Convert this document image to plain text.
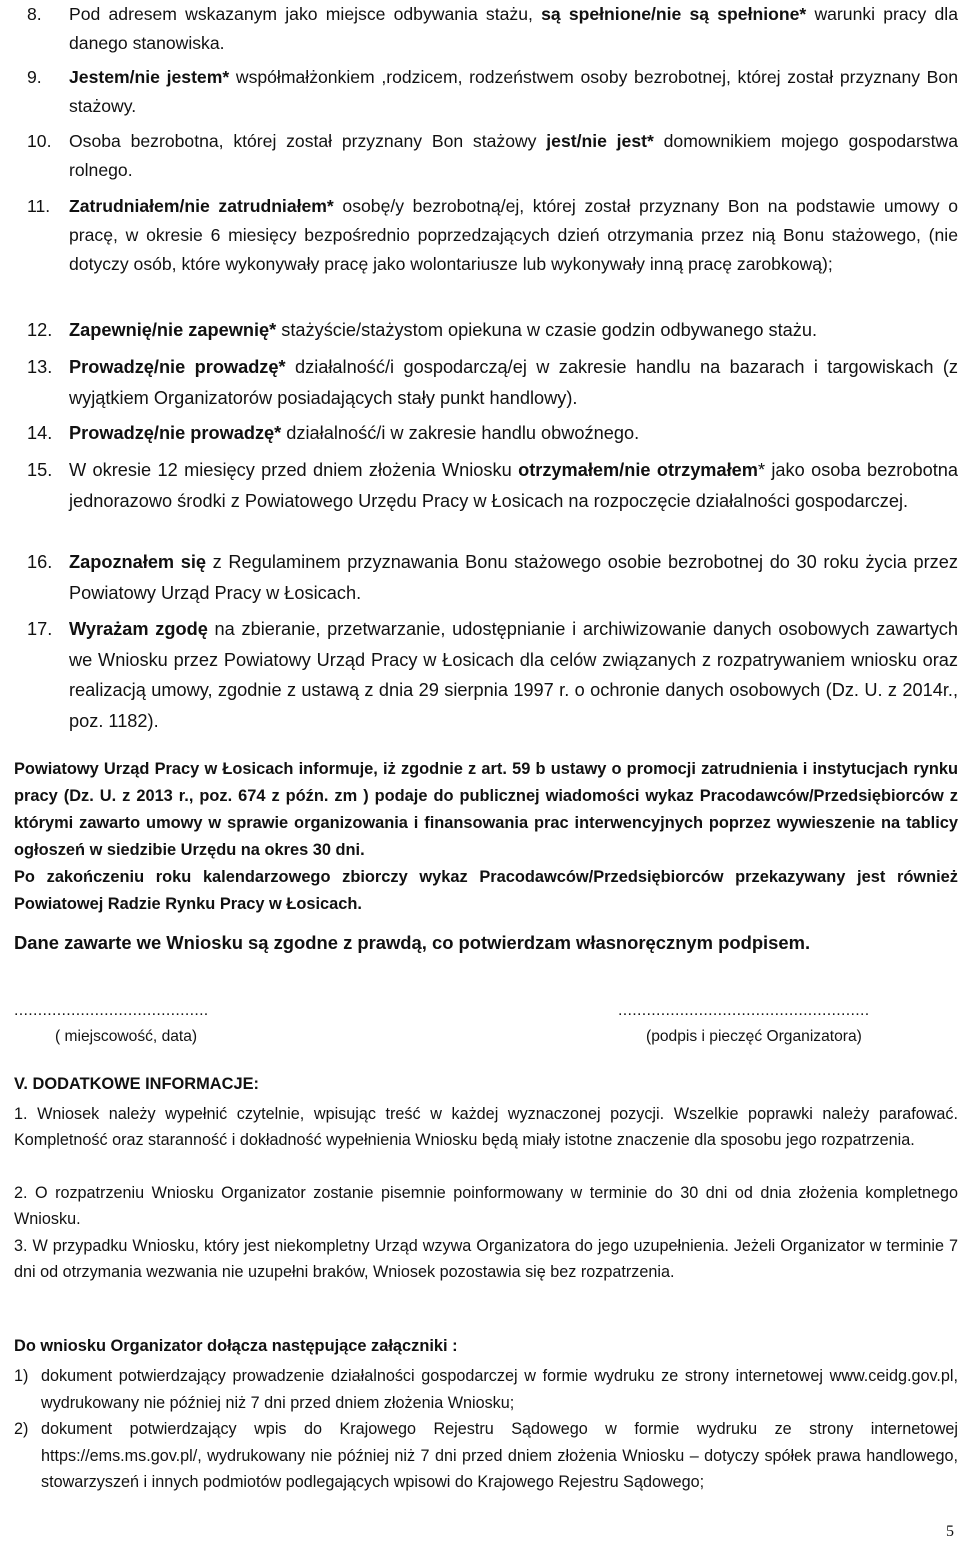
8. Pod adresem wskazanym jako miejsce odbywania stażu, są spełnione/nie są spełnione* warunki pracy dla danego stanowiska.
9. Jestem/nie jestem* współmałżonkiem ,rodzicem, rodzeństwem osoby bezrobotnej, której został przyznany Bon stażowy.
10. Osoba bezrobotna, której został przyznany Bon stażowy jest/nie jest* domownikiem mojego gospodarstwa rolnego.
11. Zatrudniałem/nie zatrudniałem* osobę/y bezrobotną/ej, której został przyznany Bon na podstawie umowy o pracę, w okresie 6 miesięcy bezpośrednio poprzedzających dzień otrzymania przez nią Bonu stażowego, (nie dotyczy osób, które wykonywały pracę jako wolontariusze lub wykonywały inną pracę zarobkową);
12. Zapewnię/nie zapewnię* stażyście/stażystom opiekuna w czasie godzin odbywanego stażu.
13. Prowadzę/nie prowadzę* działalność/i gospodarczą/ej w zakresie handlu na bazarach i targowiskach (z wyjątkiem Organizatorów posiadających stały punkt handlowy).
14. Prowadzę/nie prowadzę* działalność/i w zakresie handlu obwoźnego.
15. W okresie 12 miesięcy przed dniem złożenia Wniosku otrzymałem/nie otrzymałem* jako osoba bezrobotna jednorazowo środki z Powiatowego Urzędu Pracy w Łosicach na rozpoczęcie działalności gospodarczej.
16. Zapoznałem się z Regulaminem przyznawania Bonu stażowego osobie bezrobotnej do 30 roku życia przez Powiatowy Urząd Pracy w Łosicach.
17. Wyrażam zgodę na zbieranie, przetwarzanie, udostępnianie i archiwizowanie danych osobowych zawartych we Wniosku przez Powiatowy Urząd Pracy w Łosicach dla celów związanych z rozpatrywaniem wniosku oraz realizacją umowy, zgodnie z ustawą z dnia 29 sierpnia 1997 r. o ochronie danych osobowych (Dz. U. z 2014r., poz. 1182).
Powiatowy Urząd Pracy w Łosicach informuje, iż zgodnie z art. 59 b ustawy o promocji zatrudnienia i instytucjach rynku pracy (Dz. U. z 2013 r., poz. 674 z późn. zm ) podaje do publicznej wiadomości wykaz Pracodawców/Przedsiębiorców z którymi zawarto umowy w sprawie organizowania i finansowania prac interwencyjnych poprzez wywieszenie na tablicy ogłoszeń w siedzibie Urzędu na okres 30 dni.
Po zakończeniu roku kalendarzowego zbiorczy wykaz Pracodawców/Przedsiębiorców przekazywany jest również Powiatowej Radzie Rynku Pracy w Łosicach.
Dane zawarte we Wniosku są zgodne z prawdą, co potwierdzam własnoręcznym podpisem.
.........................................
( miejscowość, data)
.....................................................
(podpis i pieczęć Organizatora)
V. DODATKOWE INFORMACJE:
1. Wniosek należy wypełnić czytelnie, wpisując treść w każdej wyznaczonej pozycji. Wszelkie poprawki należy parafować. Kompletność oraz staranność i dokładność wypełnienia Wniosku będą miały istotne znaczenie dla sposobu jego rozpatrzenia.
2. O rozpatrzeniu Wniosku Organizator zostanie pisemnie poinformowany w terminie do 30 dni od dnia złożenia kompletnego Wniosku.
3. W przypadku Wniosku, który jest niekompletny Urząd wzywa Organizatora do jego uzupełnienia. Jeżeli Organizator w terminie 7 dni od otrzymania wezwania nie uzupełni braków, Wniosek pozostawia się bez rozpatrzenia.
Do wniosku Organizator dołącza następujące załączniki :
1) dokument potwierdzający prowadzenie działalności gospodarczej w formie wydruku ze strony internetowej www.ceidg.gov.pl, wydrukowany nie później niż 7 dni przed dniem złożenia Wniosku;
2) dokument potwierdzający wpis do Krajowego Rejestru Sądowego w formie wydruku ze strony internetowej https://ems.ms.gov.pl/, wydrukowany nie później niż 7 dni przed dniem złożenia Wniosku – dotyczy spółek prawa handlowego, stowarzyszeń i innych podmiotów podlegających wpisowi do Krajowego Rejestru Sądowego;
5
